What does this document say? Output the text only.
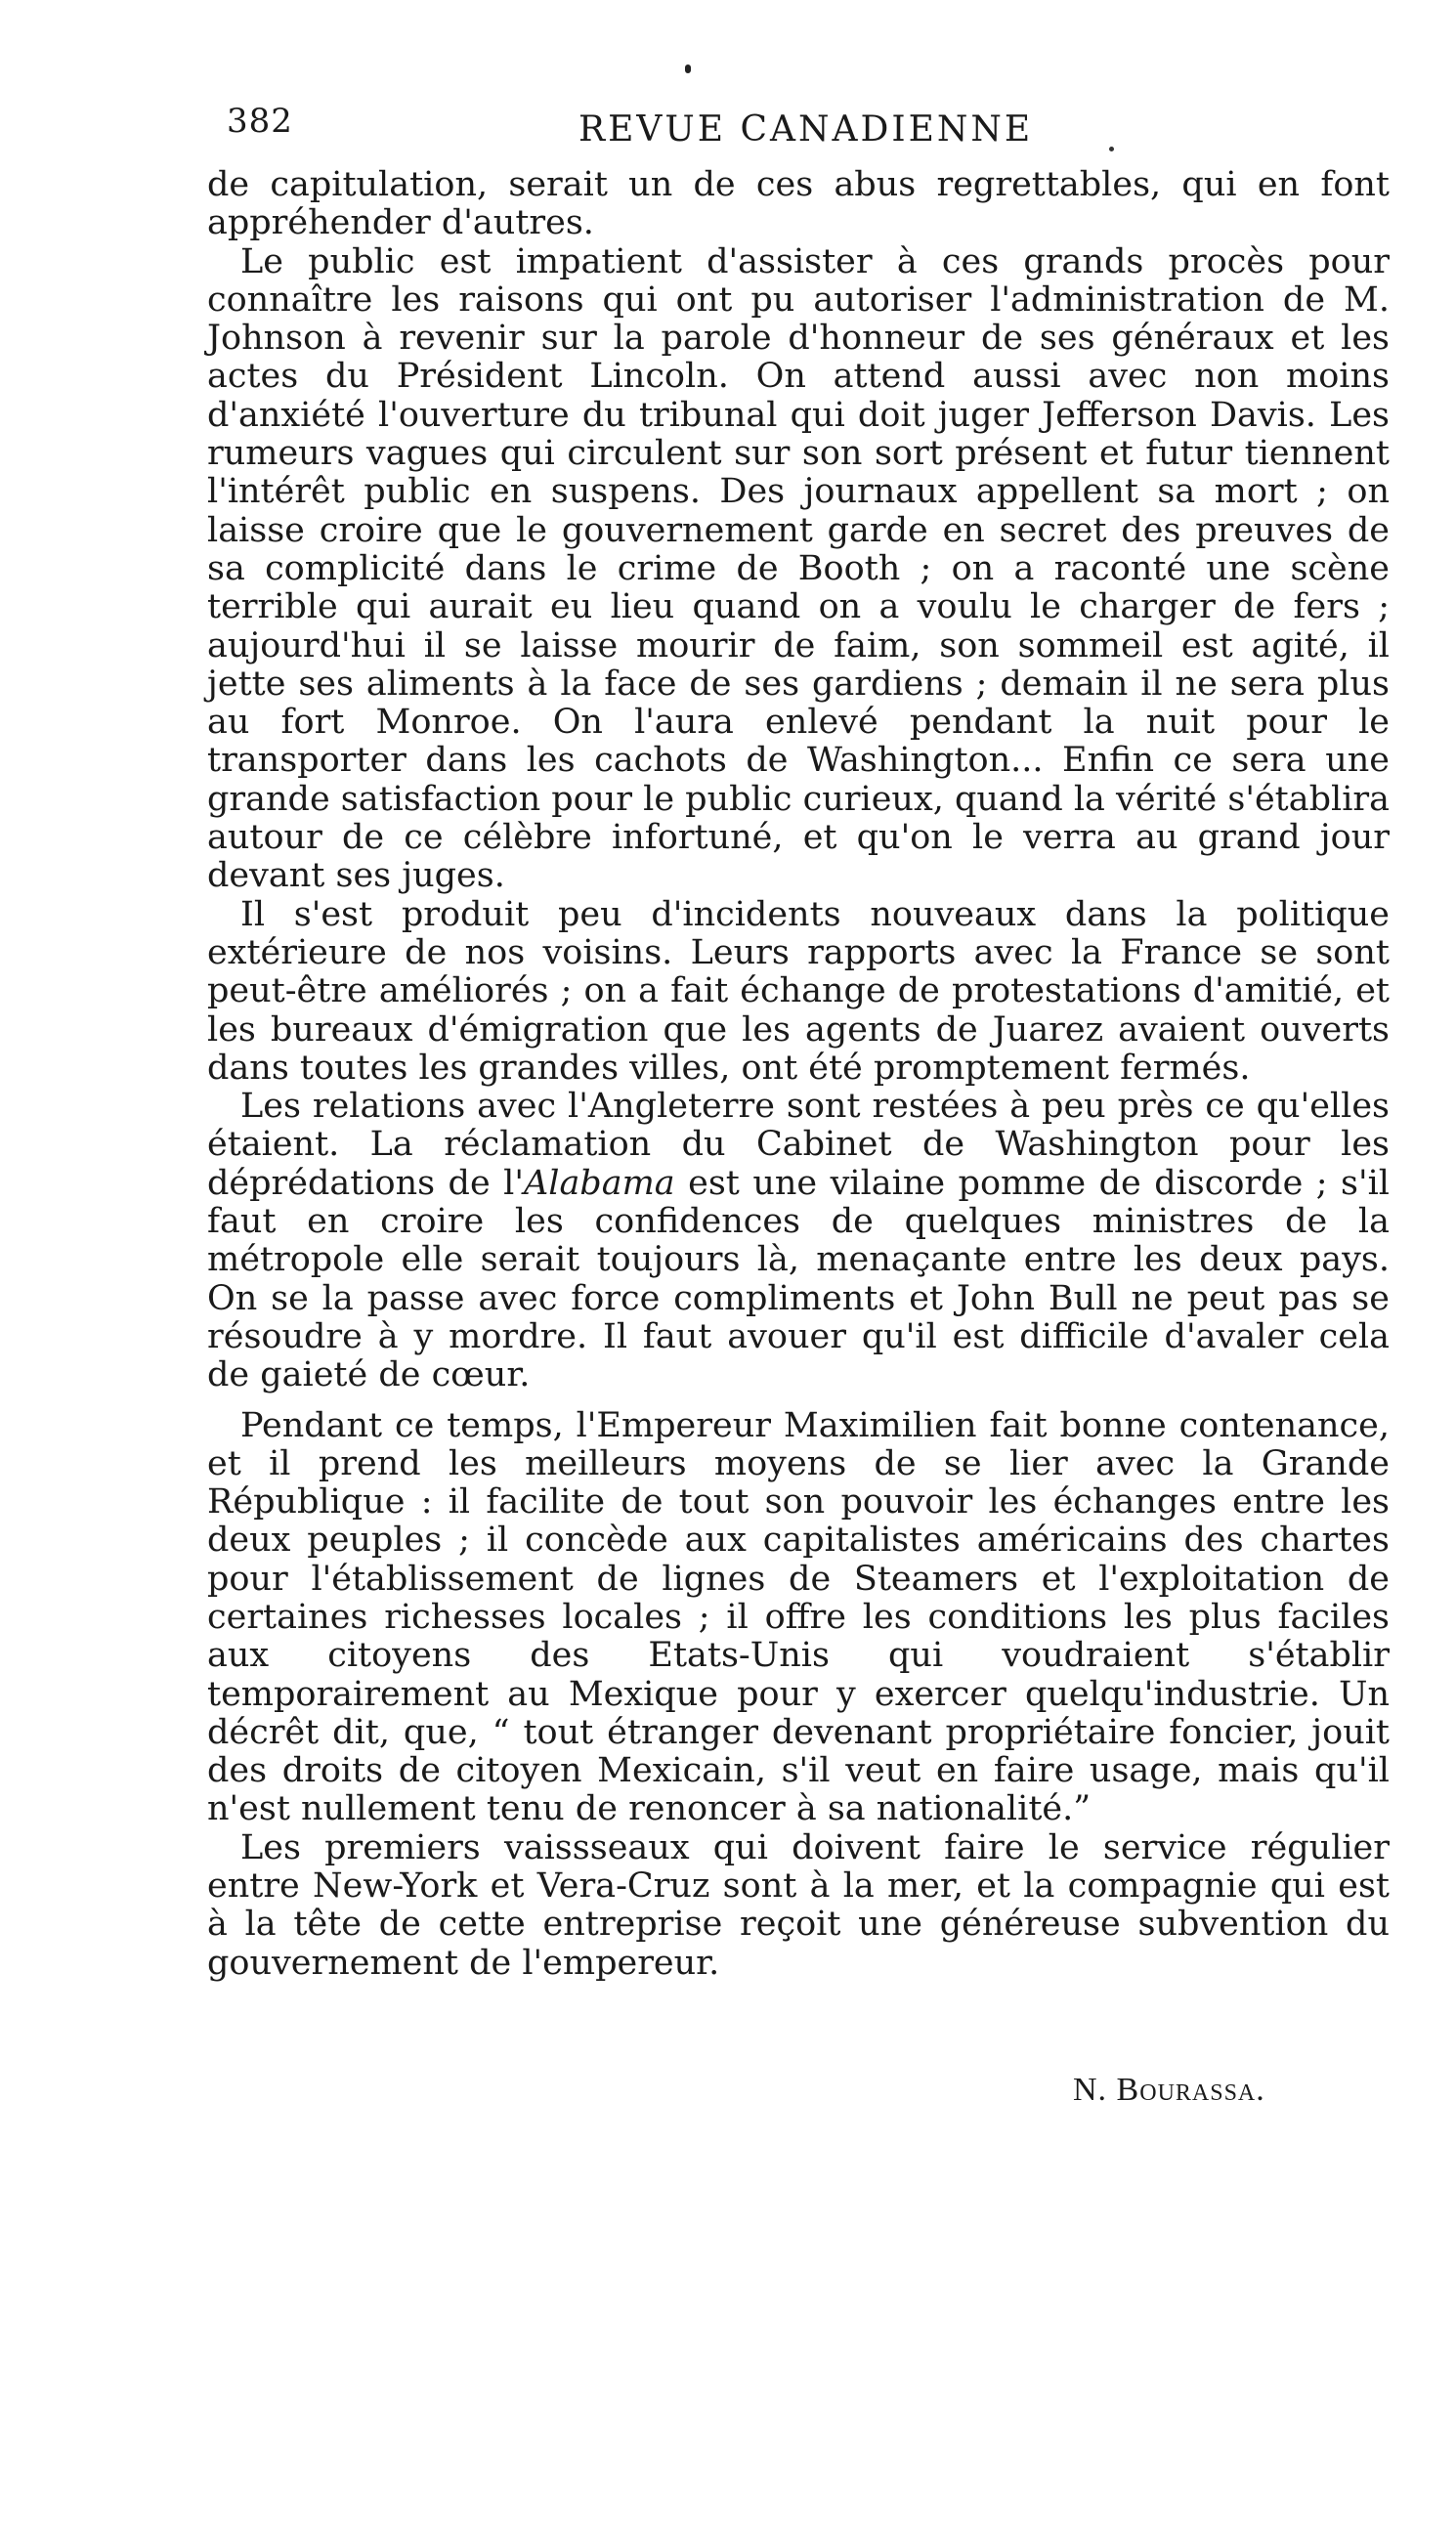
382	REVUE CANADIENNE

de capitulation, serait un de ces abus regrettables, qui en font appréhender d'autres.

Le public est impatient d'assister à ces grands procès pour connaître les raisons qui ont pu autoriser l'administration de M. Johnson à revenir sur la parole d'honneur de ses généraux et les actes du Président Lincoln. On attend aussi avec non moins d'anxiété l'ouverture du tribunal qui doit juger Jefferson Davis. Les rumeurs vagues qui circulent sur son sort présent et futur tiennent l'intérêt public en suspens. Des journaux appellent sa mort ; on laisse croire que le gouvernement garde en secret des preuves de sa complicité dans le crime de Booth ; on a raconté une scène terrible qui aurait eu lieu quand on a voulu le charger de fers ; aujourd'hui il se laisse mourir de faim, son sommeil est agité, il jette ses aliments à la face de ses gardiens ; demain il ne sera plus au fort Monroe. On l'aura enlevé pendant la nuit pour le transporter dans les cachots de Washington... Enfin ce sera une grande satisfaction pour le public curieux, quand la vérité s'établira autour de ce célèbre infortuné, et qu'on le verra au grand jour devant ses juges.

Il s'est produit peu d'incidents nouveaux dans la politique extérieure de nos voisins. Leurs rapports avec la France se sont peut-être améliorés ; on a fait échange de protestations d'amitié, et les bureaux d'émigration que les agents de Juarez avaient ouverts dans toutes les grandes villes, ont été promptement fermés.

Les relations avec l'Angleterre sont restées à peu près ce qu'elles étaient. La réclamation du Cabinet de Washington pour les déprédations de l'Alabama est une vilaine pomme de discorde ; s'il faut en croire les confidences de quelques ministres de la métropole elle serait toujours là, menaçante entre les deux pays. On se la passe avec force compliments et John Bull ne peut pas se résoudre à y mordre. Il faut avouer qu'il est difficile d'avaler cela de gaieté de cœur.

Pendant ce temps, l'Empereur Maximilien fait bonne contenance, et il prend les meilleurs moyens de se lier avec la Grande République : il facilite de tout son pouvoir les échanges entre les deux peuples ; il concède aux capitalistes américains des chartes pour l'établissement de lignes de Steamers et l'exploitation de certaines richesses locales ; il offre les conditions les plus faciles aux citoyens des Etats-Unis qui voudraient s'établir temporairement au Mexique pour y exercer quelqu'industrie. Un décrêt dit, que, “ tout étranger devenant propriétaire foncier, jouit des droits de citoyen Mexicain, s'il veut en faire usage, mais qu'il n'est nullement tenu de renoncer à sa nationalité.”

Les premiers vaissseaux qui doivent faire le service régulier entre New-York et Vera-Cruz sont à la mer, et la compagnie qui est à la tête de cette entreprise reçoit une généreuse subvention du gouvernement de l'empereur.

N. Bourassa.
